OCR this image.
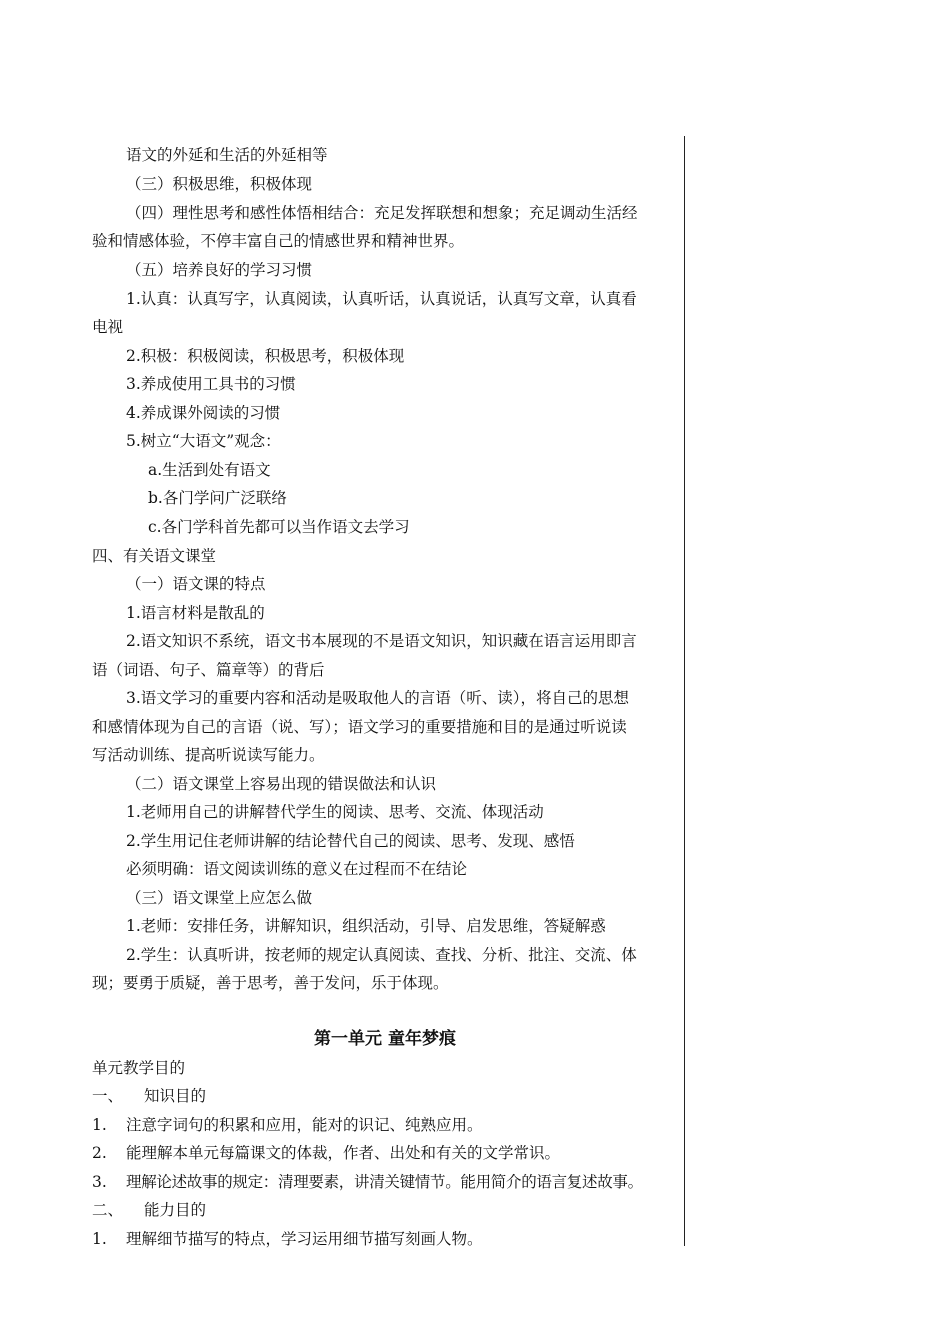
语文的外延和生活的外延相等
（三）积极思维，积极体现
（四）理性思考和感性体悟相结合：充足发挥联想和想象；充足调动生活经
验和情感体验，不停丰富自己的情感世界和精神世界。
（五）培养良好的学习习惯
1.认真：认真写字，认真阅读，认真听话，认真说话，认真写文章，认真看
电视
2.积极：积极阅读，积极思考，积极体现
3.养成使用工具书的习惯
4.养成课外阅读的习惯
5.树立“大语文”观念：
a.生活到处有语文
b.各门学问广泛联络
c.各门学科首先都可以当作语文去学习
四、有关语文课堂
（一）语文课的特点
1.语言材料是散乱的
2.语文知识不系统，语文书本展现的不是语文知识，知识藏在语言运用即言
语（词语、句子、篇章等）的背后
3.语文学习的重要内容和活动是吸取他人的言语（听、读），将自己的思想
和感情体现为自己的言语（说、写）；语文学习的重要措施和目的是通过听说读
写活动训练、提高听说读写能力。
（二）语文课堂上容易出现的错误做法和认识
1.老师用自己的讲解替代学生的阅读、思考、交流、体现活动
2.学生用记住老师讲解的结论替代自己的阅读、思考、发现、感悟
必须明确：语文阅读训练的意义在过程而不在结论
（三）语文课堂上应怎么做
1.老师：安排任务，讲解知识，组织活动，引导、启发思维，答疑解惑
2.学生：认真听讲，按老师的规定认真阅读、查找、分析、批注、交流、体
现；要勇于质疑，善于思考，善于发问，乐于体现。
第一单元 童年梦痕
单元教学目的
一、 知识目的
1. 注意字词句的积累和应用，能对的识记、纯熟应用。
2. 能理解本单元每篇课文的体裁，作者、出处和有关的文学常识。
3. 理解论述故事的规定：清理要素，讲清关键情节。能用简介的语言复述故事。
二、 能力目的
1. 理解细节描写的特点，学习运用细节描写刻画人物。
